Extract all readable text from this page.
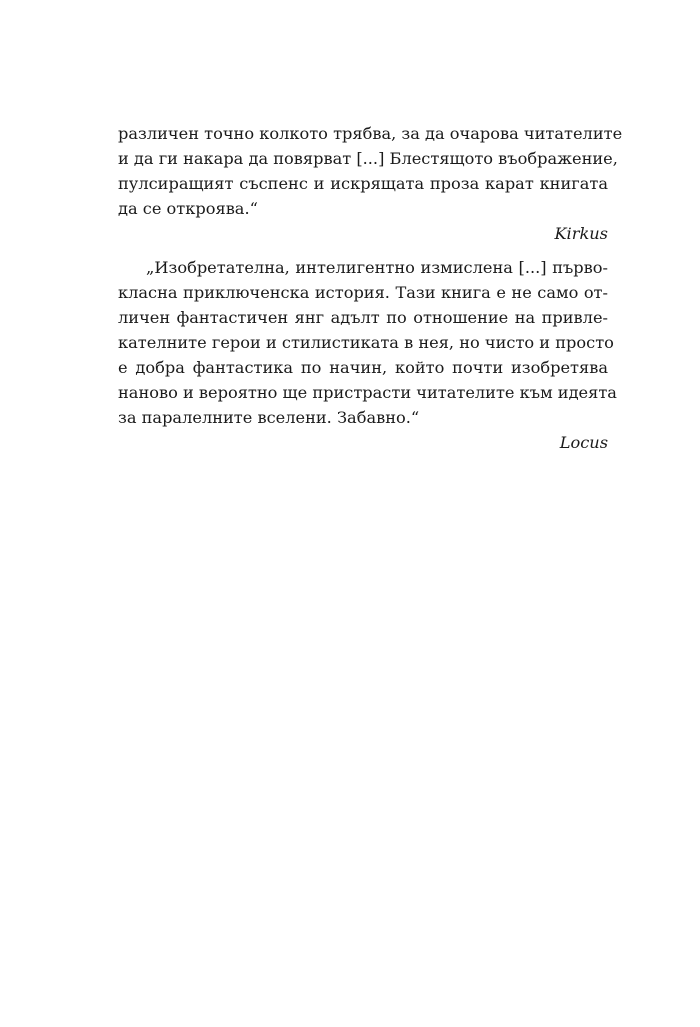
различен точно колкото трябва, за да очарова читателите
и да ги накара да повярват [...] Блестящото въображение,
пулсиращият съспенс и искрящата проза карат книгата
да се откроява.“
Kirkus
„Изобретателна, интелигентно измислена [...] първо-
класна приключенска история. Тази книга е не само от-
личен фантастичен янг адълт по отношение на привле-
кателните герои и стилистиката в нея, но чисто и просто
е добра фантастика по начин, който почти изобретява
наново и вероятно ще пристрасти читателите към идеята
за паралелните вселени. Забавно.“
Locus
